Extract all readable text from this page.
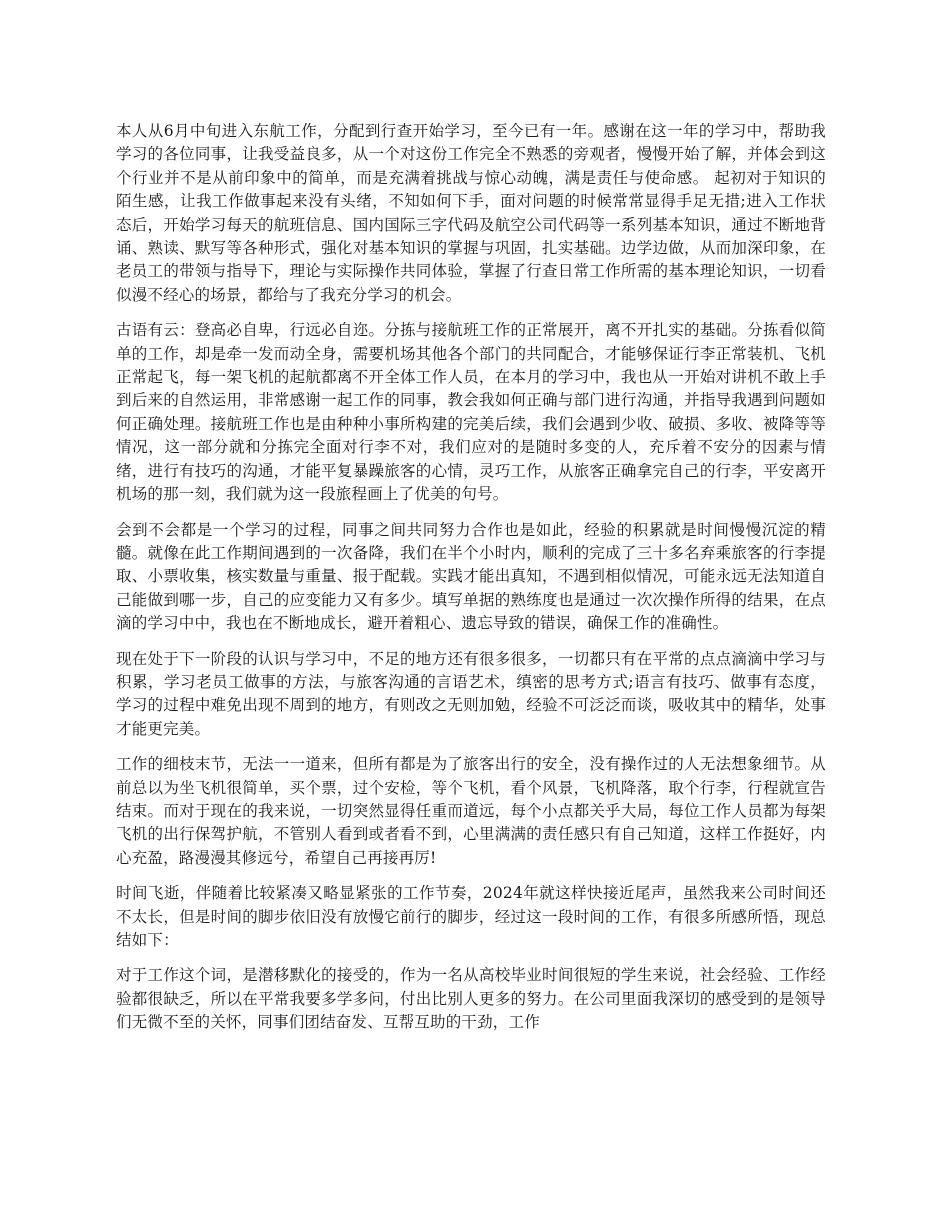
本人从6月中旬进入东航工作，分配到行查开始学习，至今已有一年。感谢在这一年的学习中，帮助我学习的各位同事，让我受益良多，从一个对这份工作完全不熟悉的旁观者，慢慢开始了解，并体会到这个行业并不是从前印象中的简单，而是充满着挑战与惊心动魄，满是责任与使命感。 起初对于知识的陌生感，让我工作做事起来没有头绪，不知如何下手，面对问题的时候常常显得手足无措;进入工作状态后，开始学习每天的航班信息、国内国际三字代码及航空公司代码等一系列基本知识，通过不断地背诵、熟读、默写等各种形式，强化对基本知识的掌握与巩固，扎实基础。边学边做，从而加深印象，在老员工的带领与指导下，理论与实际操作共同体验，掌握了行查日常工作所需的基本理论知识，一切看似漫不经心的场景，都给与了我充分学习的机会。

古语有云：登高必自卑，行远必自迩。分拣与接航班工作的正常展开，离不开扎实的基础。分拣看似简单的工作，却是牵一发而动全身，需要机场其他各个部门的共同配合，才能够保证行李正常装机、飞机正常起飞，每一架飞机的起航都离不开全体工作人员，在本月的学习中，我也从一开始对讲机不敢上手到后来的自然运用，非常感谢一起工作的同事，教会我如何正确与部门进行沟通，并指导我遇到问题如何正确处理。接航班工作也是由种种小事所构建的完美后续，我们会遇到少收、破损、多收、被降等等情况，这一部分就和分拣完全面对行李不对，我们应对的是随时多变的人，充斥着不安分的因素与情绪，进行有技巧的沟通，才能平复暴躁旅客的心情，灵巧工作，从旅客正确拿完自己的行李，平安离开机场的那一刻，我们就为这一段旅程画上了优美的句号。

会到不会都是一个学习的过程，同事之间共同努力合作也是如此，经验的积累就是时间慢慢沉淀的精髓。就像在此工作期间遇到的一次备降，我们在半个小时内，顺利的完成了三十多名弃乘旅客的行李提取、小票收集，核实数量与重量、报于配载。实践才能出真知，不遇到相似情况，可能永远无法知道自己能做到哪一步，自己的应变能力又有多少。填写单据的熟练度也是通过一次次操作所得的结果，在点滴的学习中中，我也在不断地成长，避开着粗心、遗忘导致的错误，确保工作的准确性。

现在处于下一阶段的认识与学习中，不足的地方还有很多很多，一切都只有在平常的点点滴滴中学习与积累，学习老员工做事的方法，与旅客沟通的言语艺术，缜密的思考方式;语言有技巧、做事有态度，学习的过程中难免出现不周到的地方，有则改之无则加勉，经验不可泛泛而谈，吸收其中的精华，处事才能更完美。

工作的细枝末节，无法一一道来，但所有都是为了旅客出行的安全，没有操作过的人无法想象细节。从前总以为坐飞机很简单，买个票，过个安检，等个飞机，看个风景，飞机降落，取个行李，行程就宣告结束。而对于现在的我来说，一切突然显得任重而道远，每个小点都关乎大局，每位工作人员都为每架飞机的出行保驾护航，不管别人看到或者看不到，心里满满的责任感只有自己知道，这样工作挺好，内心充盈，路漫漫其修远兮，希望自己再接再厉!

时间飞逝，伴随着比较紧凑又略显紧张的工作节奏，2024年就这样快接近尾声，虽然我来公司时间还不太长，但是时间的脚步依旧没有放慢它前行的脚步，经过这一段时间的工作，有很多所感所悟，现总结如下：

对于工作这个词，是潜移默化的接受的，作为一名从高校毕业时间很短的学生来说，社会经验、工作经验都很缺乏，所以在平常我要多学多问，付出比别人更多的努力。在公司里面我深切的感受到的是领导们无微不至的关怀，同事们团结奋发、互帮互助的干劲，工作
